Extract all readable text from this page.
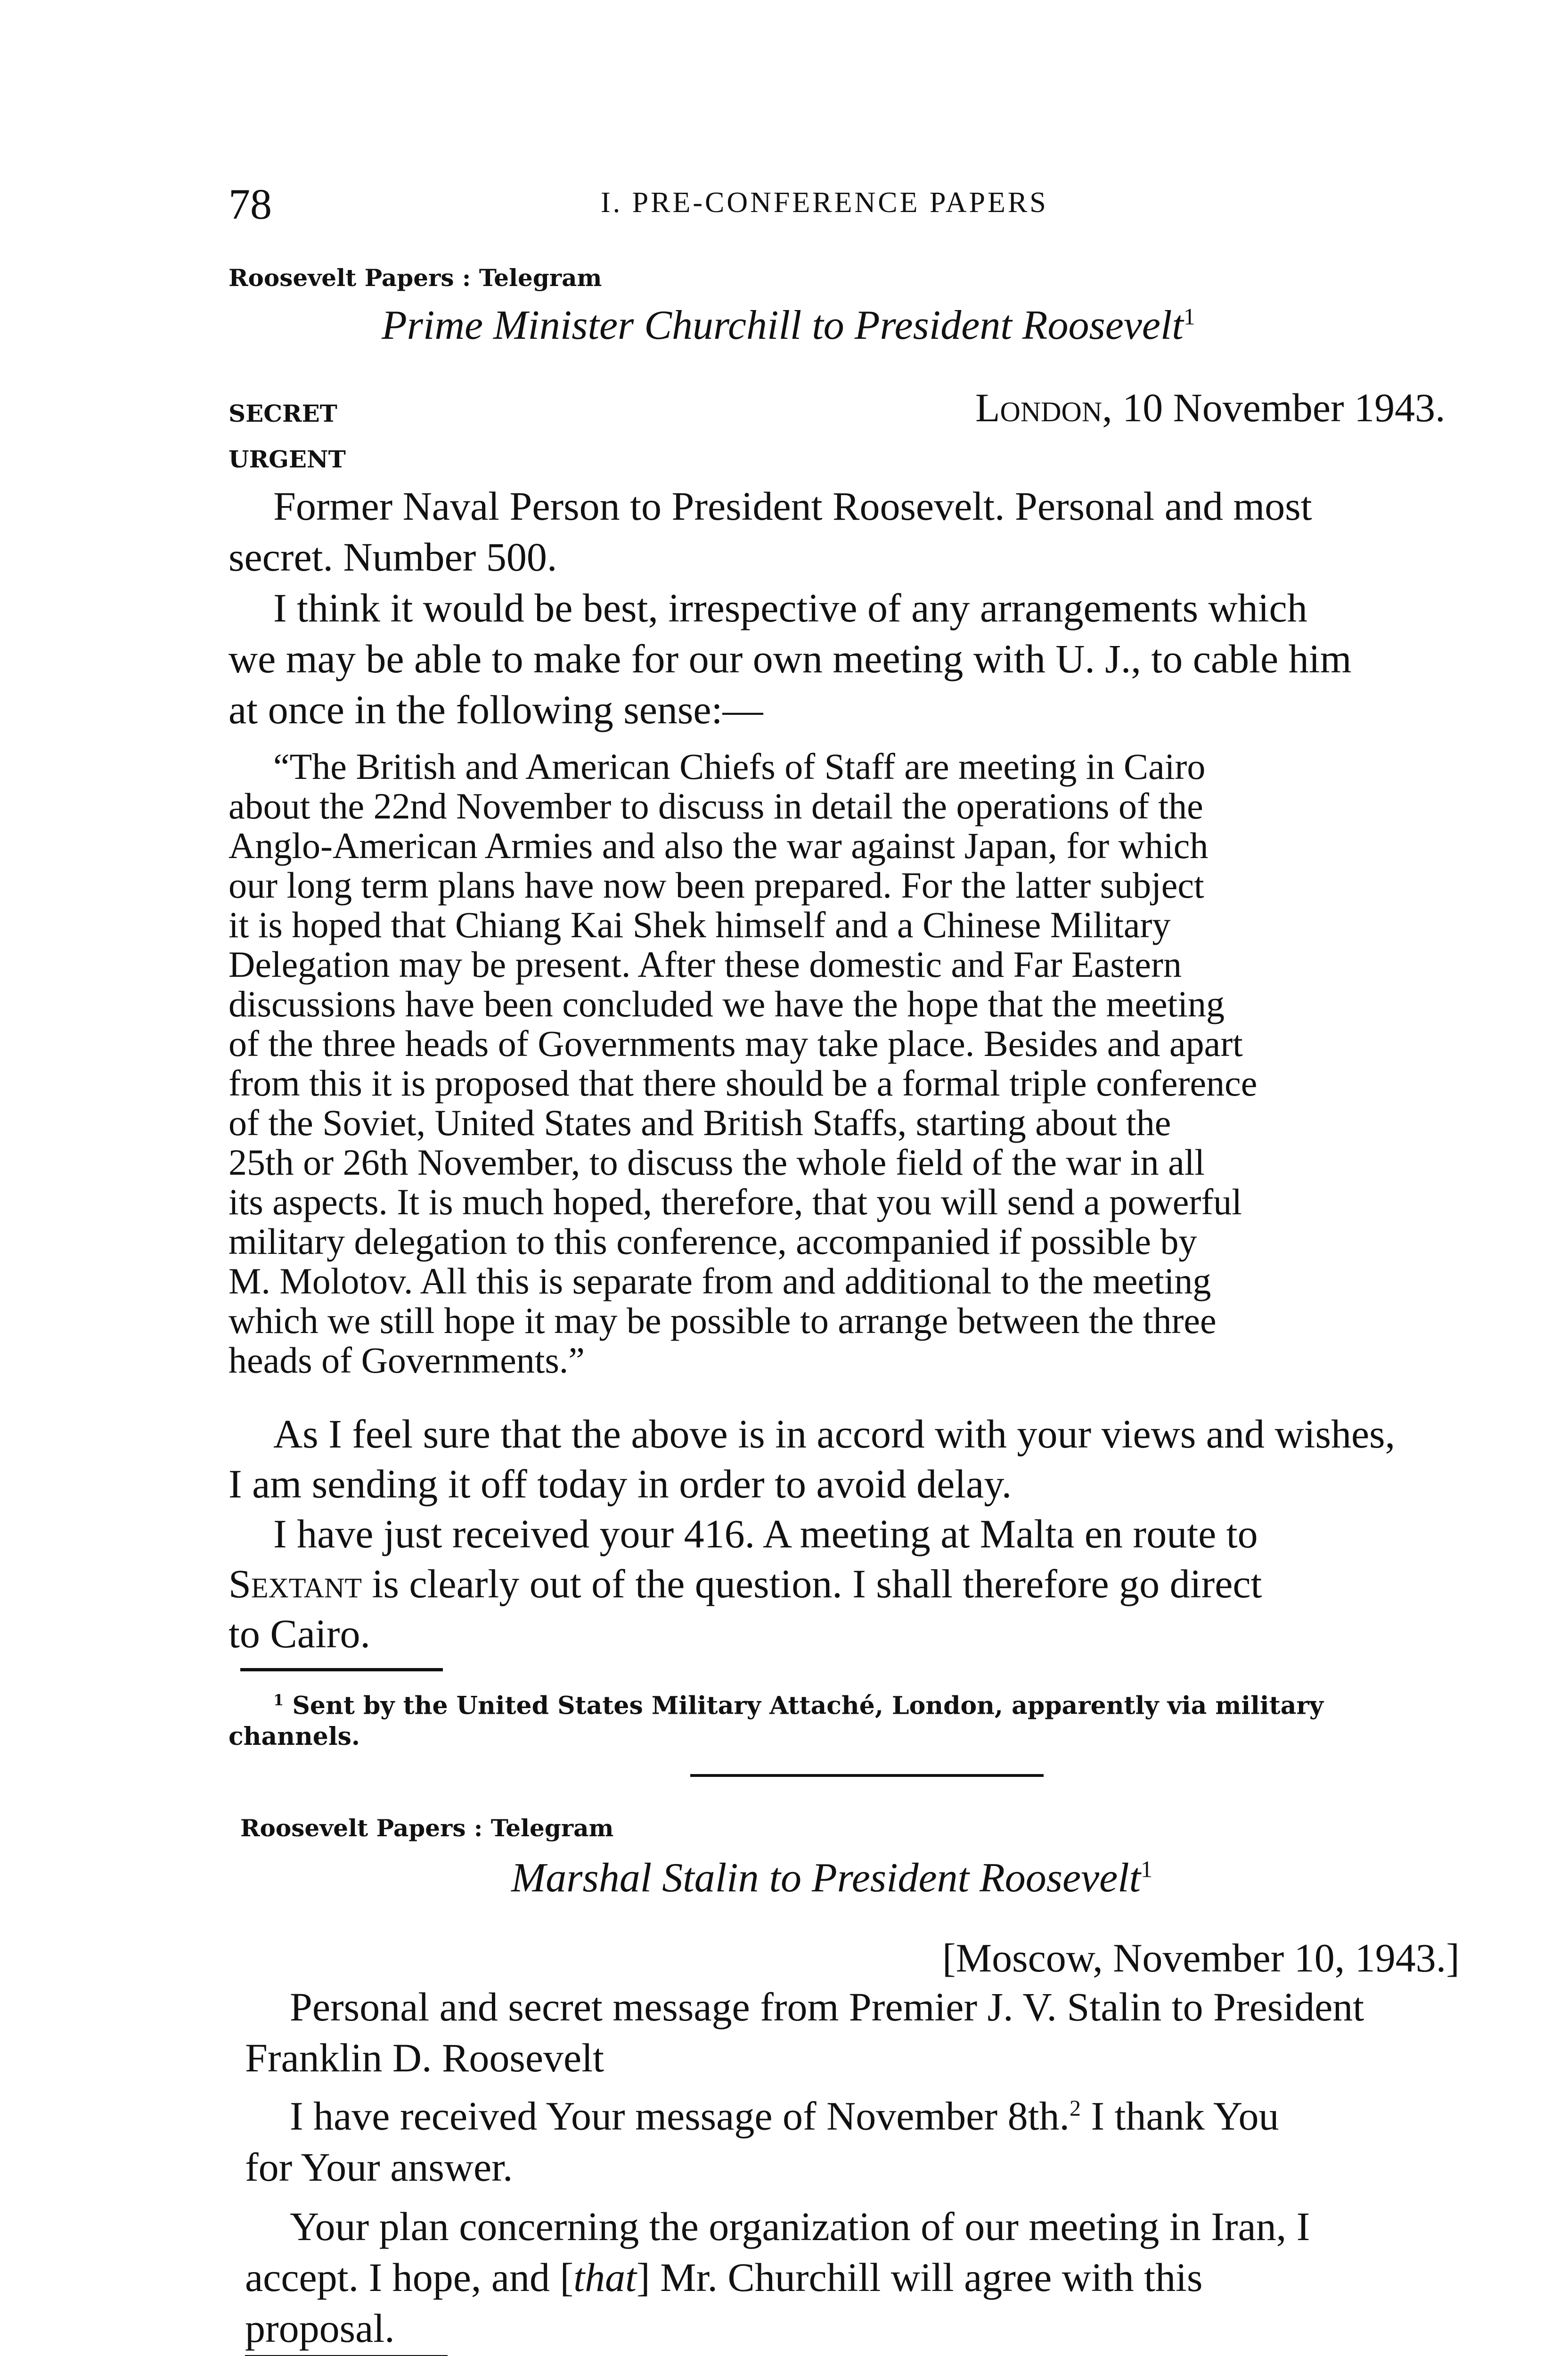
78	I. PRE-CONFERENCE PAPERS
Roosevelt Papers : Telegram
Prime Minister Churchill to President Roosevelt$^1$
SECRET
URGENT
London, 10 November 1943.
Former Naval Person to President Roosevelt. Personal and most
secret. Number 500.
I think it would be best, irrespective of any arrangements which
we may be able to make for our own meeting with U. J., to cable him
at once in the following sense:—
“The British and American Chiefs of Staff are meeting in Cairo
about the 22nd November to discuss in detail the operations of the
Anglo-American Armies and also the war against Japan, for which
our long term plans have now been prepared. For the latter subject
it is hoped that Chiang Kai Shek himself and a Chinese Military
Delegation may be present. After these domestic and Far Eastern
discussions have been concluded we have the hope that the meeting
of the three heads of Governments may take place. Besides and apart
from this it is proposed that there should be a formal triple conference
of the Soviet, United States and British Staffs, starting about the
25th or 26th November, to discuss the whole field of the war in all
its aspects. It is much hoped, therefore, that you will send a powerful
military delegation to this conference, accompanied if possible by
M. Molotov. All this is separate from and additional to the meeting
which we still hope it may be possible to arrange between the three
heads of Governments.”
As I feel sure that the above is in accord with your views and wishes,
I am sending it off today in order to avoid delay.
I have just received your 416. A meeting at Malta en route to
Sextant is clearly out of the question. I shall therefore go direct
to Cairo.
$^1$ Sent by the United States Military Attaché, London, apparently via military
channels.
Roosevelt Papers : Telegram
Marshal Stalin to President Roosevelt$^1$
[Moscow, November 10, 1943.]
Personal and secret message from Premier J. V. Stalin to President
Franklin D. Roosevelt
I have received Your message of November 8th.$^2$ I thank You
for Your answer.
Your plan concerning the organization of our meeting in Iran, I
accept. I hope, and [that] Mr. Churchill will agree with this
proposal.
